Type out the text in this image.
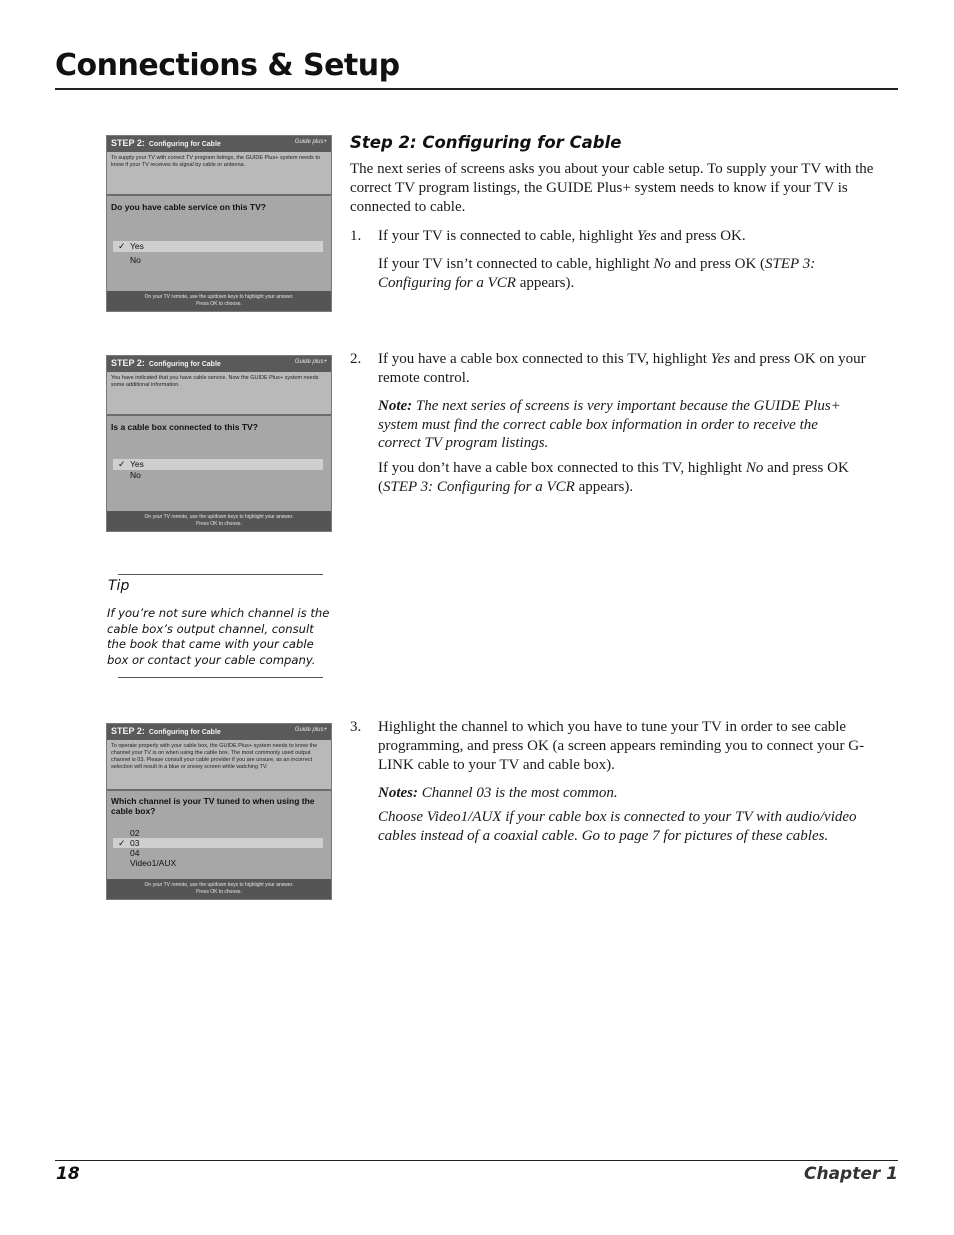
Connections & Setup
STEP 2: Configuring for Cable	Guide plus+
To supply your TV with correct TV program listings, the GUIDE Plus+ system needs to know if your TV receives its signal by cable or antenna.
Do you have cable service on this TV?
✓ Yes
No
On your TV remote, use the up/down keys to highlight your answer.
Press OK to choose.
STEP 2: Configuring for Cable	Guide plus+
You have indicated that you have cable service. Now the GUIDE Plus+ system needs some additional information.
Is a cable box connected to this TV?
✓ Yes
No
On your TV remote, use the up/down keys to highlight your answer.
Press OK to choose.
STEP 2: Configuring for Cable	Guide plus+
To operate properly with your cable box, the GUIDE Plus+ system needs to know the channel your TV is on when using the cable box. The most commonly used output channel is 03. Please consult your cable provider if you are unsure, as an incorrect selection will result in a blue or snowy screen while watching TV.
Which channel is your TV tuned to when using the cable box?
02
✓ 03
04
Video1/AUX
On your TV remote, use the up/down keys to highlight your answer.
Press OK to choose.
Step 2: Configuring for Cable

The next series of screens asks you about your cable setup. To supply your TV with the correct TV program listings, the GUIDE Plus+ system needs to know if your TV is connected to cable.

1. If your TV is connected to cable, highlight Yes and press OK.

If your TV isn’t connected to cable, highlight No and press OK (STEP 3: Configuring for a VCR appears).

2. If you have a cable box connected to this TV, highlight Yes and press OK on your remote control.

Note: The next series of screens is very important because the GUIDE Plus+ system must find the correct cable box information in order to receive the correct TV program listings.

If you don’t have a cable box connected to this TV, highlight No and press OK (STEP 3: Configuring for a VCR appears).

3. Highlight the channel to which you have to tune your TV in order to see cable programming, and press OK (a screen appears reminding you to connect your G-LINK cable to your TV and cable box).

Notes: Channel 03 is the most common.

Choose Video1/AUX if your cable box is connected to your TV with audio/video cables instead of a coaxial cable. Go to page 7 for pictures of these cables.

Tip

If you’re not sure which channel is the cable box’s output channel, consult the book that came with your cable box or contact your cable company.

18	Chapter 1
